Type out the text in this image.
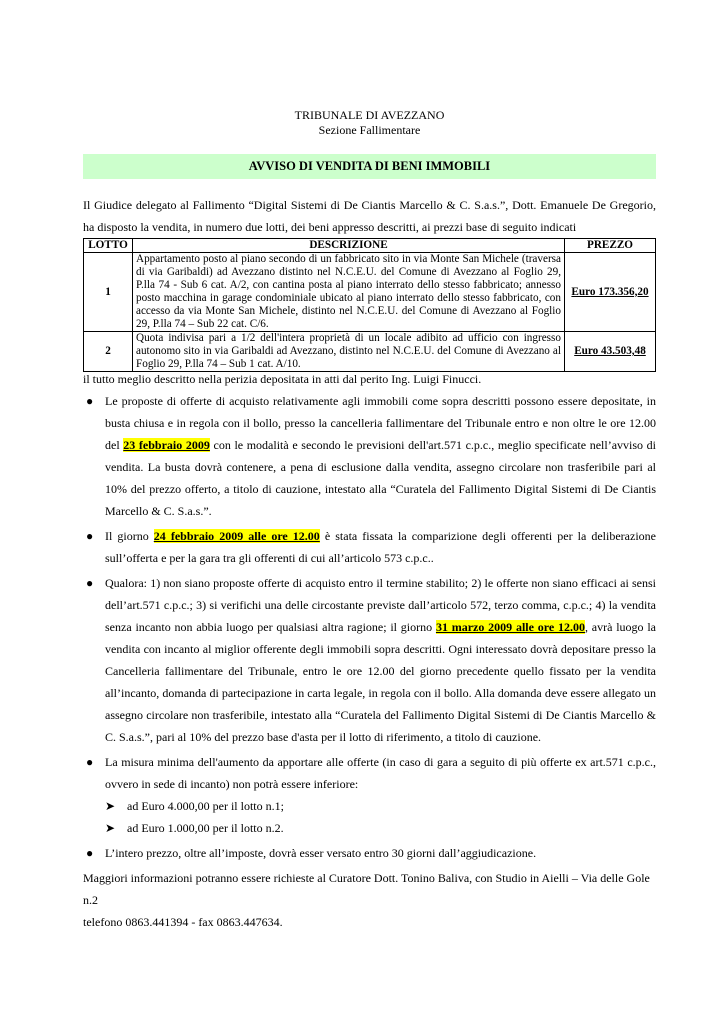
TRIBUNALE DI AVEZZANO
Sezione Fallimentare
AVVISO DI VENDITA DI BENI IMMOBILI
Il Giudice delegato al Fallimento “Digital Sistemi di De Ciantis Marcello & C. S.a.s.”, Dott. Emanuele De Gregorio, ha disposto la vendita, in numero due lotti, dei beni appresso descritti, ai prezzi base di seguito indicati
LOTTO	DESCRIZIONE	PREZZO
1	Appartamento posto al piano secondo di un fabbricato sito in via Monte San Michele (traversa di via Garibaldi) ad Avezzano distinto nel N.C.E.U. del Comune di Avezzano al Foglio 29, P.lla 74 - Sub 6 cat. A/2, con cantina posta al piano interrato dello stesso fabbricato; annesso posto macchina in garage condominiale ubicato al piano interrato dello stesso fabbricato, con accesso da via Monte San Michele, distinto nel N.C.E.U. del Comune di Avezzano al Foglio 29, P.lla 74 – Sub 22 cat. C/6.	Euro 173.356,20
2	Quota indivisa pari a 1/2 dell'intera proprietà di un locale adibito ad ufficio con ingresso autonomo sito in via Garibaldi ad Avezzano, distinto nel N.C.E.U. del Comune di Avezzano al Foglio 29, P.lla 74 – Sub 1 cat. A/10.	Euro 43.503,48
il tutto meglio descritto nella perizia depositata in atti dal perito Ing. Luigi Finucci.
● Le proposte di offerte di acquisto relativamente agli immobili come sopra descritti possono essere depositate, in busta chiusa e in regola con il bollo, presso la cancelleria fallimentare del Tribunale entro e non oltre le ore 12.00 del 23 febbraio 2009 con le modalità e secondo le previsioni dell'art.571 c.p.c., meglio specificate nell’avviso di vendita. La busta dovrà contenere, a pena di esclusione dalla vendita, assegno circolare non trasferibile pari al 10% del prezzo offerto, a titolo di cauzione, intestato alla “Curatela del Fallimento Digital Sistemi di De Ciantis Marcello & C. S.a.s.”.
● Il giorno 24 febbraio 2009 alle ore 12.00 è stata fissata la comparizione degli offerenti per la deliberazione sull’offerta e per la gara tra gli offerenti di cui all’articolo 573 c.p.c..
● Qualora: 1) non siano proposte offerte di acquisto entro il termine stabilito; 2) le offerte non siano efficaci ai sensi dell’art.571 c.p.c.; 3) si verifichi una delle circostante previste dall’articolo 572, terzo comma, c.p.c.; 4) la vendita senza incanto non abbia luogo per qualsiasi altra ragione; il giorno 31 marzo 2009 alle ore 12.00, avrà luogo la vendita con incanto al miglior offerente degli immobili sopra descritti. Ogni interessato dovrà depositare presso la Cancelleria fallimentare del Tribunale, entro le ore 12.00 del giorno precedente quello fissato per la vendita all’incanto, domanda di partecipazione in carta legale, in regola con il bollo. Alla domanda deve essere allegato un assegno circolare non trasferibile, intestato alla “Curatela del Fallimento Digital Sistemi di De Ciantis Marcello & C. S.a.s.”, pari al 10% del prezzo base d'asta per il lotto di riferimento, a titolo di cauzione.
● La misura minima dell'aumento da apportare alle offerte (in caso di gara a seguito di più offerte ex art.571 c.p.c., ovvero in sede di incanto) non potrà essere inferiore:
➤ ad Euro 4.000,00 per il lotto n.1;
➤ ad Euro 1.000,00 per il lotto n.2.
● L’intero prezzo, oltre all’imposte, dovrà esser versato entro 30 giorni dall’aggiudicazione.
Maggiori informazioni potranno essere richieste al Curatore Dott. Tonino Baliva, con Studio in Aielli – Via delle Gole n.2
telefono 0863.441394 - fax 0863.447634.
